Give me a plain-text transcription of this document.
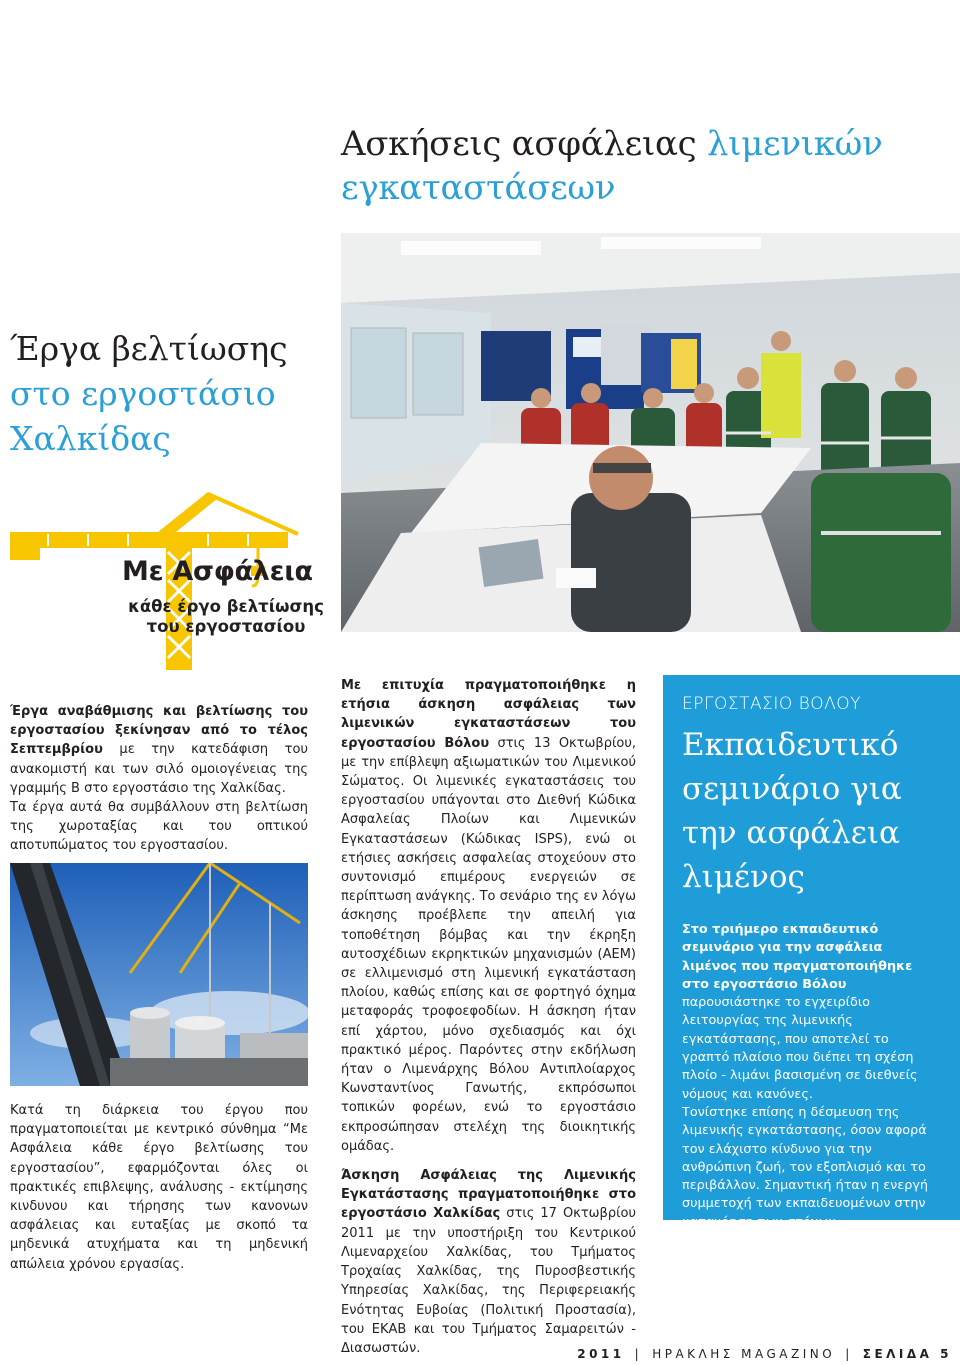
Ασκήσεις ασφάλειας λιμενικών εγκαταστάσεων
Έργα βελτίωσης
στο εργοστάσιο
Χαλκίδας
Με Ασφάλεια
κάθε έργο βελτίωσης
του εργοστασίου

Έργα αναβάθμισης και βελτίωσης του εργοστασίου ξεκίνησαν από το τέλος Σεπτεμβρίου με την κατεδάφιση του ανακομιστή και των σιλό ομοιογένειας της γραμμής Β στο εργοστάσιο της Χαλκίδας.

Τα έργα αυτά θα συμβάλλουν στη βελτίωση της χωροταξίας και του οπτικού αποτυπώματος του εργοστασίου.

Κατά τη διάρκεια του έργου που πραγματοποιείται με κεντρικό σύνθημα “Με Ασφάλεια κάθε έργο βελτίωσης του εργοστασίου”, εφαρμόζονται όλες οι πρακτικές επιβλεψης, ανάλυσης - εκτίμησης κινδυνου και τήρησης των κανονων ασφάλειας και ευταξίας με σκοπό τα μηδενικά ατυχήματα και τη μηδενική απώλεια χρόνου εργασίας.

Με επιτυχία πραγματοποιήθηκε η ετήσια άσκηση ασφάλειας των λιμενικών εγκαταστάσεων του εργοστασίου Βόλου στις 13 Οκτωβρίου, με την επίβλεψη αξιωματικών του Λιμενικού Σώματος. Οι λιμενικές εγκαταστάσεις του εργοστασίου υπάγονται στο Διεθνή Κώδικα Ασφαλείας Πλοίων και Λιμενικών Εγκαταστάσεων (Κώδικας ISPS), ενώ οι ετήσιες ασκήσεις ασφαλείας στοχεύουν στο συντονισμό επιμέρους ενεργειών σε περίπτωση ανάγκης. Το σενάριο της εν λόγω άσκησης προέβλεπε την απειλή για τοποθέτηση βόμβας και την έκρηξη αυτοσχέδιων εκρηκτικών μηχανισμών (ΑΕΜ) σε ελλιμενισμό στη λιμενική εγκατάσταση πλοίου, καθώς επίσης και σε φορτηγό όχημα μεταφοράς τροφοεφοδίων. Η άσκηση ήταν επί χάρτου, μόνο σχεδιασμός και όχι πρακτικό μέρος. Παρόντες στην εκδήλωση ήταν ο Λιμενάρχης Βόλου Αντιπλοίαρχος Κωνσταντίνος Γανωτής, εκπρόσωποι τοπικών φορέων, ενώ το εργοστάσιο εκπροσώπησαν στελέχη της διοικητικής ομάδας.

Άσκηση Ασφάλειας της Λιμενικής Εγκατάστασης πραγματοποιήθηκε στο εργοστάσιο Χαλκίδας στις 17 Οκτωβρίου 2011 με την υποστήριξη του Κεντρικού Λιμεναρχείου Χαλκίδας, του Τμήματος Τροχαίας Χαλκίδας, της Πυροσβεστικής Υπηρεσίας Χαλκίδας, της Περιφερειακής Ενότητας Ευβοίας (Πολιτική Προστασία), του ΕΚΑΒ και του Τμήματος Σαμαρειτών - Διασωστών.

ΕΡΓΟΣΤΑΣΙΟ ΒΟΛΟΥ
Εκπαιδευτικό
σεμινάριο για
την ασφάλεια
λιμένος

Στο τριήμερο εκπαιδευτικό σεμινάριο για την ασφάλεια λιμένος που πραγματοποιήθηκε στο εργοστάσιο Βόλου παρουσιάστηκε το εγχειρίδιο λειτουργίας της λιμενικής εγκατάστασης, που αποτελεί το γραπτό πλαίσιο που διέπει τη σχέση πλοίο - λιμάνι βασισμένη σε διεθνείς νόμους και κανόνες.

Τονίστηκε επίσης η δέσμευση της λιμενικής εγκατάστασης, όσον αφορά τον ελάχιστο κίνδυνο για την ανθρώπινη ζωή, τον εξοπλισμό και το περιβάλλον. Σημαντική ήταν η ενεργή συμμετοχή των εκπαιδευομένων στην κατανόηση των στόχων.

2011 | ΗΡΑΚΛΗΣ MAGAZINO | ΣΕΛΙΔΑ 5
